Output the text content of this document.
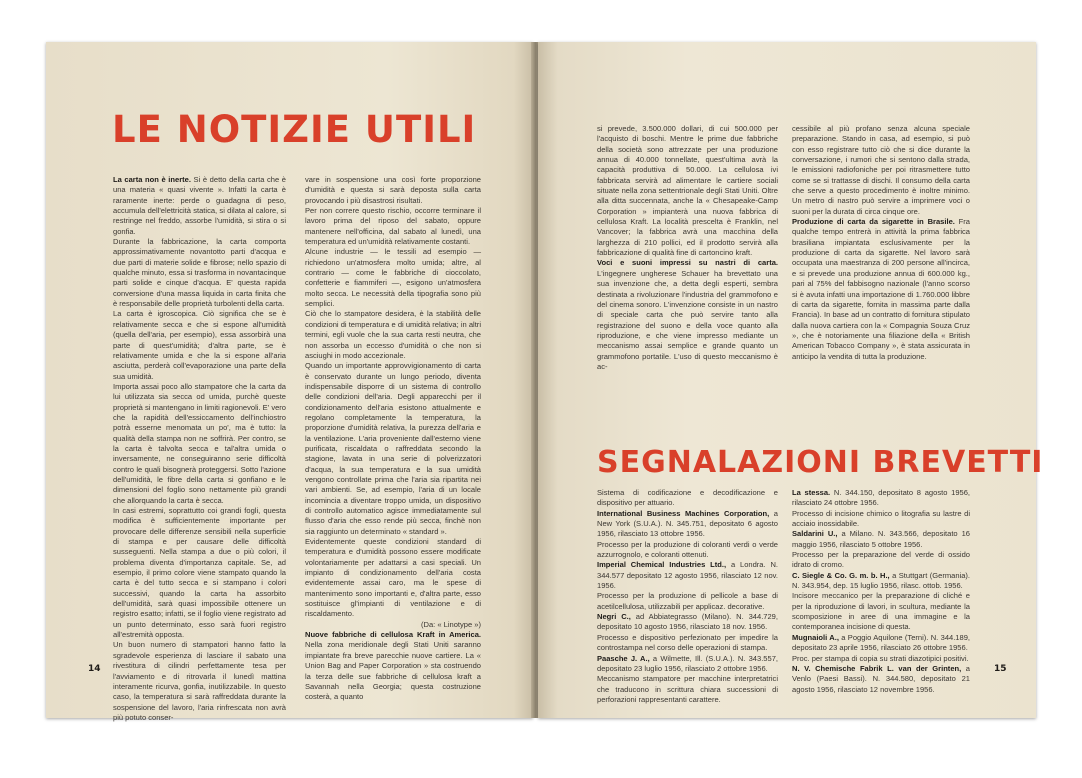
LE NOTIZIE UTILI

La carta non è inerte. Si è detto della carta che è una materia « quasi vivente ». Infatti la carta è raramente inerte: perde o guadagna di peso, accumula dell'elettricità statica, si dilata al calore, si restringe nel freddo, assorbe l'umidità, si stira o si gonfia.

Durante la fabbricazione, la carta comporta approssimativamente novantotto parti d'acqua e due parti di materie solide e fibrose; nello spazio di qualche minuto, essa si trasforma in novantacinque parti solide e cinque d'acqua. E' questa rapida conversione d'una massa liquida in carta finita che è responsabile delle proprietà turbolenti della carta.

La carta è igroscopica. Ciò significa che se è relativamente secca e che si espone all'umidità (quella dell'aria, per esempio), essa assorbirà una parte di quest'umidità; d'altra parte, se è relativamente umida e che la si espone all'aria asciutta, perderà coll'evaporazione una parte della sua umidità.

Importa assai poco allo stampatore che la carta da lui utilizzata sia secca od umida, purchè queste proprietà si mantengano in limiti ragionevoli. E' vero che la rapidità dell'essiccamento dell'inchiostro potrà esserne menomata un po', ma è tutto: la qualità della stampa non ne soffrirà. Per contro, se la carta è talvolta secca e tal'altra umida o inversamente, ne conseguiranno serie difficoltà contro le quali bisognerà proteggersi. Sotto l'azione dell'umidità, le fibre della carta si gonfiano e le dimensioni del foglio sono nettamente più grandi che allorquando la carta è secca.

In casi estremi, soprattutto coi grandi fogli, questa modifica è sufficientemente importante per provocare delle differenze sensibili nella superficie di stampa e per causare delle difficoltà susseguenti. Nella stampa a due o più colori, il problema diventa d'importanza capitale. Se, ad esempio, il primo colore viene stampato quando la carta è del tutto secca e si stampano i colori successivi, quando la carta ha assorbito dell'umidità, sarà quasi impossibile ottenere un registro esatto; infatti, se il foglio viene registrato ad un punto determinato, esso sarà fuori registro all'estremità opposta.

Un buon numero di stampatori hanno fatto la sgradevole esperienza di lasciare il sabato una rivestitura di cilindri perfettamente tesa per l'avviamento e di ritrovarla il lunedì mattina interamente ricurva, gonfia, inutilizzabile. In questo caso, la temperatura si sarà raffreddata durante la sospensione del lavoro, l'aria rinfrescata non avrà più potuto conser-

vare in sospensione una così forte proporzione d'umidità e questa si sarà deposta sulla carta provocando i più disastrosi risultati.

Per non correre questo rischio, occorre terminare il lavoro prima del riposo del sabato, oppure mantenere nell'officina, dal sabato al lunedì, una temperatura ed un'umidità relativamente costanti.

Alcune industrie — le tessili ad esempio — richiedono un'atmosfera molto umida; altre, al contrario — come le fabbriche di cioccolato, confetterie e fiammiferi —, esigono un'atmosfera molto secca. Le necessità della tipografia sono più semplici.

Ciò che lo stampatore desidera, è la stabilità delle condizioni di temperatura e di umidità relativa; in altri termini, egli vuole che la sua carta resti neutra, che non assorba un eccesso d'umidità o che non si asciughi in modo accezionale.

Quando un importante approvvigionamento di carta è conservato durante un lungo periodo, diventa indispensabile disporre di un sistema di controllo delle condizioni dell'aria. Degli apparecchi per il condizionamento dell'aria esistono attualmente e regolano completamente la temperatura, la proporzione d'umidità relativa, la purezza dell'aria e la ventilazione. L'aria proveniente dall'esterno viene purificata, riscaldata o raffreddata secondo la stagione, lavata in una serie di polverizzatori d'acqua, la sua temperatura e la sua umidità vengono controllate prima che l'aria sia ripartita nei vari ambienti. Se, ad esempio, l'aria di un locale incomincia a diventare troppo umida, un dispositivo di controllo automatico agisce immediatamente sul flusso d'aria che esso rende più secca, finchè non sia raggiunto un determinato « standard ».

Evidentemente queste condizioni standard di temperatura e d'umidità possono essere modificate volontariamente per adattarsi a casi speciali. Un impianto di condizionamento dell'aria costa evidentemente assai caro, ma le spese di mantenimento sono importanti e, d'altra parte, esso sostituisce gl'impianti di ventilazione e di riscaldamento.

(Da: « Linotype »)

Nuove fabbriche di cellulosa Kraft in America. Nella zona meridionale degli Stati Uniti saranno impiantate fra breve parecchie nuove cartiere. La « Union Bag and Paper Corporation » sta costruendo la terza delle sue fabbriche di cellulosa kraft a Savannah nella Georgia; questa costruzione costerà, a quanto

14

si prevede, 3.500.000 dollari, di cui 500.000 per l'acquisto di boschi. Mentre le prime due fabbriche della società sono attrezzate per una produzione annua di 40.000 tonnellate, quest'ultima avrà la capacità produttiva di 50.000. La cellulosa ivi fabbricata servirà ad alimentare le cartiere sociali situate nella zona settentrionale degli Stati Uniti. Oltre alla ditta succennata, anche la « Chesapeake-Camp Corporation » impianterà una nuova fabbrica di cellulosa Kraft. La località prescelta è Franklin, nel Vancover; la fabbrica avrà una macchina della larghezza di 210 pollici, ed il prodotto servirà alla fabbricazione di qualità fine di cartoncino kraft.

Voci e suoni impressi su nastri di carta. L'ingegnere ungherese Schauer ha brevettato una sua invenzione che, a detta degli esperti, sembra destinata a rivoluzionare l'industria del grammofono e del cinema sonoro. L'invenzione consiste in un nastro di speciale carta che può servire tanto alla registrazione del suono e della voce quanto alla riproduzione, e che viene impresso mediante un meccanismo assai semplice e grande quanto un grammofono portatile. L'uso di questo meccanismo è ac-

cessibile al più profano senza alcuna speciale preparazione. Stando in casa, ad esempio, si può con esso registrare tutto ciò che si dice durante la conversazione, i rumori che si sentono dalla strada, le emissioni radiofoniche per poi ritrasmettere tutto come se si trattasse di dischi. Il consumo della carta che serve a questo procedimento è inoltre minimo. Un metro di nastro può servire a imprimere voci o suoni per la durata di circa cinque ore.

Produzione di carta da sigarette in Brasile. Fra qualche tempo entrerà in attività la prima fabbrica brasiliana impiantata esclusivamente per la produzione di carta da sigarette. Nel lavoro sarà occupata una maestranza di 200 persone all'incirca, e si prevede una produzione annua di 600.000 kg., pari al 75% del fabbisogno nazionale (l'anno scorso si è avuta infatti una importazione di 1.760.000 libbre di carta da sigarette, fornita in massima parte dalla Francia). In base ad un contratto di fornitura stipulato dalla nuova cartiera con la « Compagnia Souza Cruz », che è notoriamente una filiazione della « British American Tobacco Company », è stata assicurata in anticipo la vendita di tutta la produzione.

SEGNALAZIONI BREVETTI

Sistema di codificazione e decodificazione e dispositivo per attuario.
International Business Machines Corporation, a New York (S.U.A.). N. 345.751, depositato 6 agosto 1956, rilasciato 13 ottobre 1956.

Processo per la produzione di coloranti verdi o verde azzurrognolo, e coloranti ottenuti.
Imperial Chemical Industries Ltd., a Londra. N. 344.577 depositato 12 agosto 1956, rilasciato 12 nov. 1956.

Processo per la produzione di pellicole a base di acetilcellulosa, utilizzabili per applicaz. decorative.
Negri C., ad Abbiategrasso (Milano). N. 344.729, depositato 10 agosto 1956, rilasciato 18 nov. 1956.

Processo e dispositivo perfezionato per impedire la controstampa nel corso delle operazioni di stampa.
Paasche J. A., a Wilmette, Ill. (S.U.A.). N. 343.557, depositato 23 luglio 1956, rilasciato 2 ottobre 1956.

Meccanismo stampatore per macchine interpretatrici che traducono in scrittura chiara successioni di perforazioni rappresentanti carattere.

La stessa. N. 344.150, depositato 8 agosto 1956, rilasciato 24 ottobre 1956.

Processo di incisione chimico o litografia su lastre di acciaio inossidabile.
Saldarini U., a Milano. N. 343.566, depositato 16 maggio 1956, rilasciato 5 ottobre 1956.

Processo per la preparazione del verde di ossido idrato di cromo.
C. Siegle & Co. G. m. b. H., a Stuttgart (Germania). N. 343.954, dep. 15 luglio 1956, rilasc. ottob. 1956.

Incisore meccanico per la preparazione di cliché e per la riproduzione di lavori, in scultura, mediante la scomposizione in aree di una immagine e la contemporanea incisione di questa.
Mugnaioli A., a Poggio Aquilone (Terni). N. 344.189, depositato 23 aprile 1956, rilasciato 26 ottobre 1956.

Proc. per stampa di copia su strati diazotipici positivi.
N. V. Chemische Fabrik L. van der Grinten, a Venlo (Paesi Bassi). N. 344.580, depositato 21 agosto 1956, rilasciato 12 novembre 1956.

15
